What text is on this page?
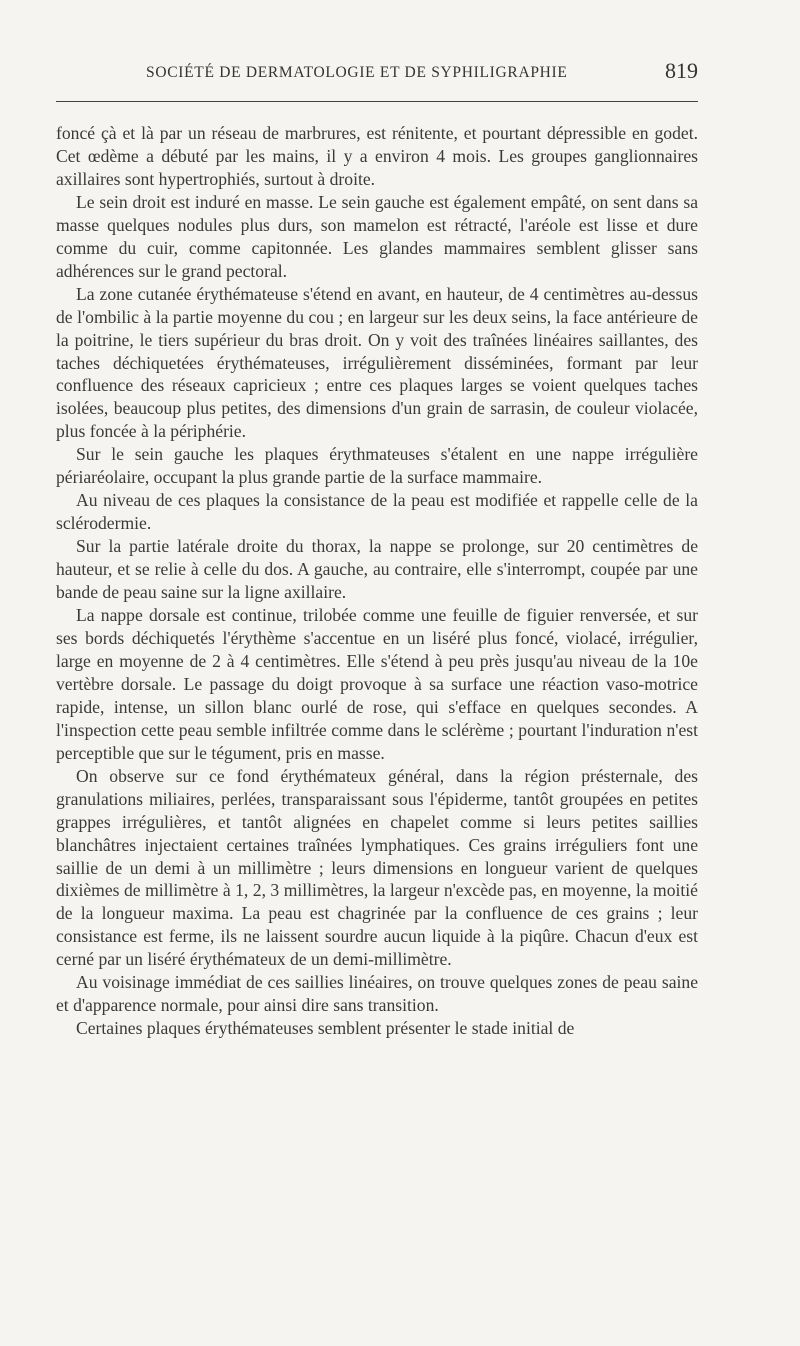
SOCIÉTÉ DE DERMATOLOGIE ET DE SYPHILIGRAPHIE	819

foncé çà et là par un réseau de marbrures, est rénitente, et pourtant dépressible en godet. Cet œdème a débuté par les mains, il y a environ 4 mois. Les groupes ganglionnaires axillaires sont hypertrophiés, surtout à droite.

Le sein droit est induré en masse. Le sein gauche est également empâté, on sent dans sa masse quelques nodules plus durs, son mamelon est rétracté, l'aréole est lisse et dure comme du cuir, comme capitonnée. Les glandes mammaires semblent glisser sans adhérences sur le grand pectoral.

La zone cutanée érythémateuse s'étend en avant, en hauteur, de 4 centimètres au-dessus de l'ombilic à la partie moyenne du cou ; en largeur sur les deux seins, la face antérieure de la poitrine, le tiers supérieur du bras droit. On y voit des traînées linéaires saillantes, des taches déchiquetées érythémateuses, irrégulièrement disséminées, formant par leur confluence des réseaux capricieux ; entre ces plaques larges se voient quelques taches isolées, beaucoup plus petites, des dimensions d'un grain de sarrasin, de couleur violacée, plus foncée à la périphérie.

Sur le sein gauche les plaques érythmateuses s'étalent en une nappe irrégulière périaréolaire, occupant la plus grande partie de la surface mammaire.

Au niveau de ces plaques la consistance de la peau est modifiée et rappelle celle de la sclérodermie.

Sur la partie latérale droite du thorax, la nappe se prolonge, sur 20 centimètres de hauteur, et se relie à celle du dos. A gauche, au contraire, elle s'interrompt, coupée par une bande de peau saine sur la ligne axillaire.

La nappe dorsale est continue, trilobée comme une feuille de figuier renversée, et sur ses bords déchiquetés l'érythème s'accentue en un liséré plus foncé, violacé, irrégulier, large en moyenne de 2 à 4 centimètres. Elle s'étend à peu près jusqu'au niveau de la 10e vertèbre dorsale. Le passage du doigt provoque à sa surface une réaction vaso-motrice rapide, intense, un sillon blanc ourlé de rose, qui s'efface en quelques secondes. A l'inspection cette peau semble infiltrée comme dans le sclérème ; pourtant l'induration n'est perceptible que sur le tégument, pris en masse.

On observe sur ce fond érythémateux général, dans la région présternale, des granulations miliaires, perlées, transparaissant sous l'épiderme, tantôt groupées en petites grappes irrégulières, et tantôt alignées en chapelet comme si leurs petites saillies blanchâtres injectaient certaines traînées lymphatiques. Ces grains irréguliers font une saillie de un demi à un millimètre ; leurs dimensions en longueur varient de quelques dixièmes de millimètre à 1, 2, 3 millimètres, la largeur n'excède pas, en moyenne, la moitié de la longueur maxima. La peau est chagrinée par la confluence de ces grains ; leur consistance est ferme, ils ne laissent sourdre aucun liquide à la piqûre. Chacun d'eux est cerné par un liséré érythémateux de un demi-millimètre.

Au voisinage immédiat de ces saillies linéaires, on trouve quelques zones de peau saine et d'apparence normale, pour ainsi dire sans transition.

Certaines plaques érythémateuses semblent présenter le stade initial de
